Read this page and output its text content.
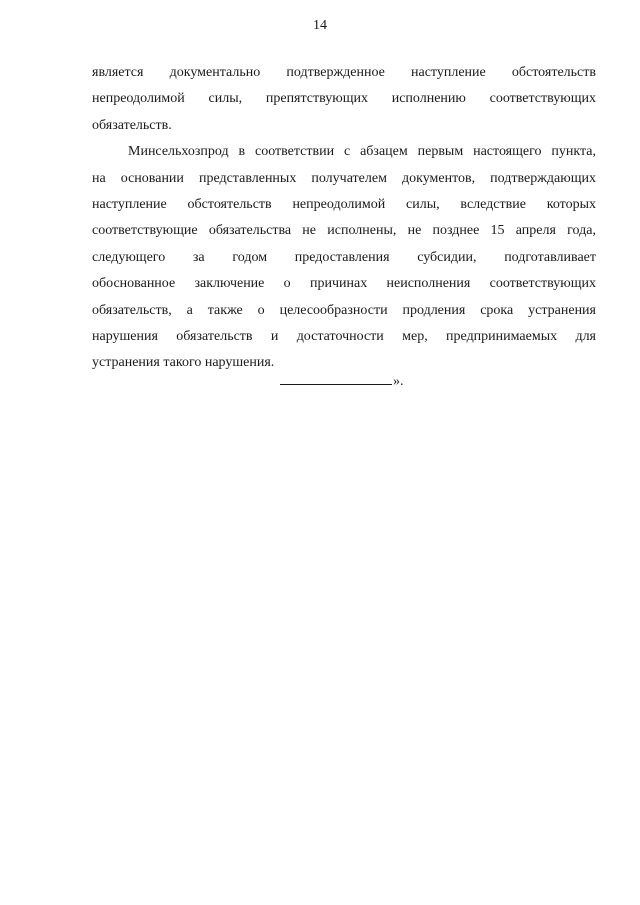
14
является документально подтвержденное наступление обстоятельств
непреодолимой силы, препятствующих исполнению соответствующих
обязательств.
Минсельхозпрод в соответствии с абзацем первым настоящего пункта,
на основании представленных получателем документов, подтверждающих
наступление обстоятельств непреодолимой силы, вследствие которых
соответствующие обязательства не исполнены, не позднее 15 апреля года,
следующего за годом предоставления субсидии, подготавливает
обоснованное заключение о причинах неисполнения соответствующих
обязательств, а также о целесообразности продления срока устранения
нарушения обязательств и достаточности мер, предпринимаемых для
устранения такого нарушения.
».
